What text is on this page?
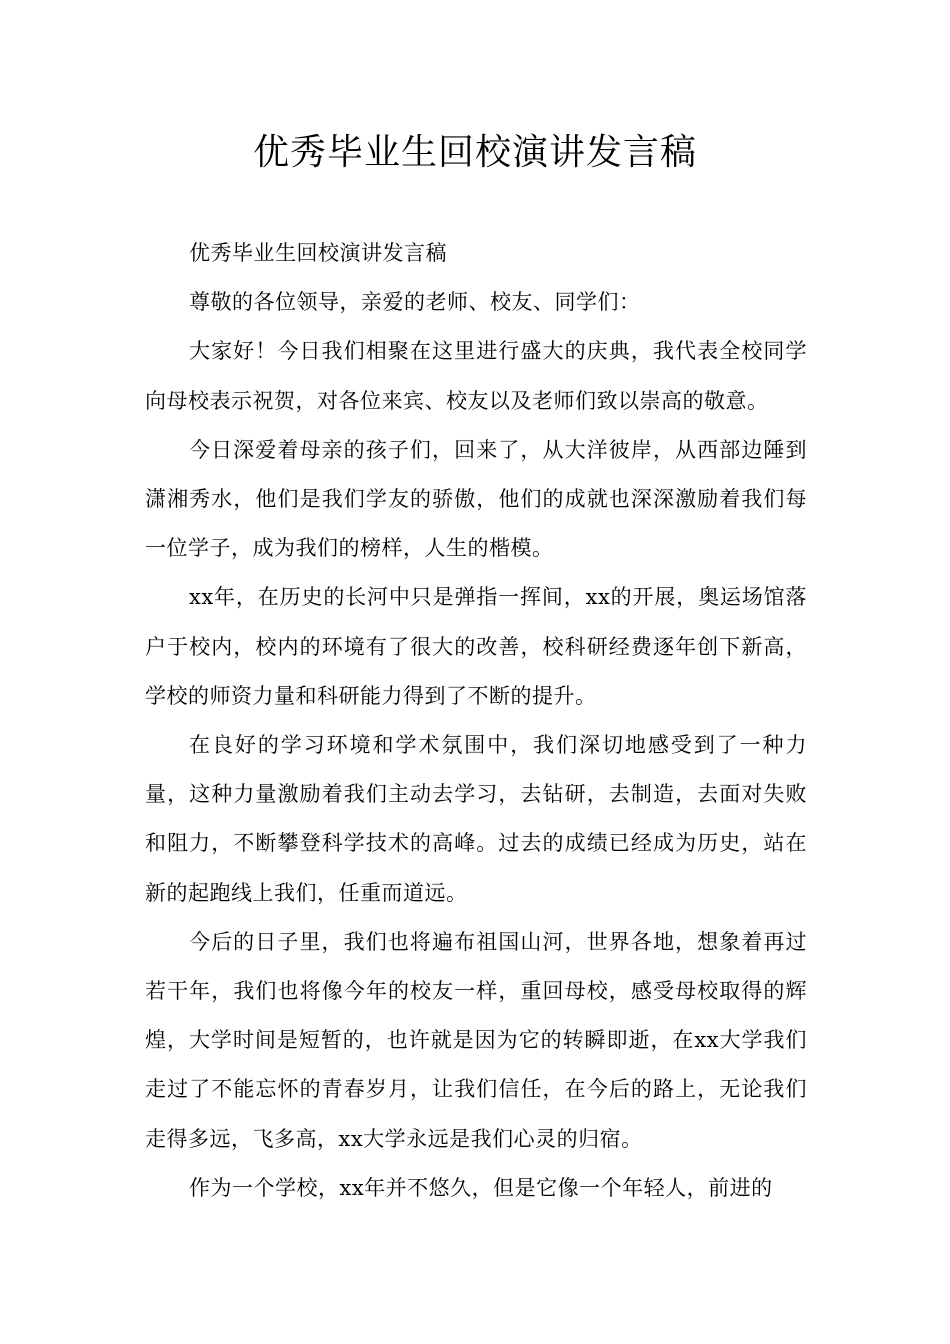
优秀毕业生回校演讲发言稿

优秀毕业生回校演讲发言稿

尊敬的各位领导，亲爱的老师、校友、同学们：

大家好！今日我们相聚在这里进行盛大的庆典，我代表全校同学向母校表示祝贺，对各位来宾、校友以及老师们致以崇高的敬意。

今日深爱着母亲的孩子们，回来了，从大洋彼岸，从西部边陲到潇湘秀水，他们是我们学友的骄傲，他们的成就也深深激励着我们每一位学子，成为我们的榜样，人生的楷模。

xx年，在历史的长河中只是弹指一挥间，xx的开展，奥运场馆落户于校内，校内的环境有了很大的改善，校科研经费逐年创下新高，学校的师资力量和科研能力得到了不断的提升。

在良好的学习环境和学术氛围中，我们深切地感受到了一种力量，这种力量激励着我们主动去学习，去钻研，去制造，去面对失败和阻力，不断攀登科学技术的高峰。过去的成绩已经成为历史，站在新的起跑线上我们，任重而道远。

今后的日子里，我们也将遍布祖国山河，世界各地，想象着再过若干年，我们也将像今年的校友一样，重回母校，感受母校取得的辉煌，大学时间是短暂的，也许就是因为它的转瞬即逝，在xx大学我们走过了不能忘怀的青春岁月，让我们信任，在今后的路上，无论我们走得多远，飞多高，xx大学永远是我们心灵的归宿。

作为一个学校，xx年并不悠久，但是它像一个年轻人，前进的
